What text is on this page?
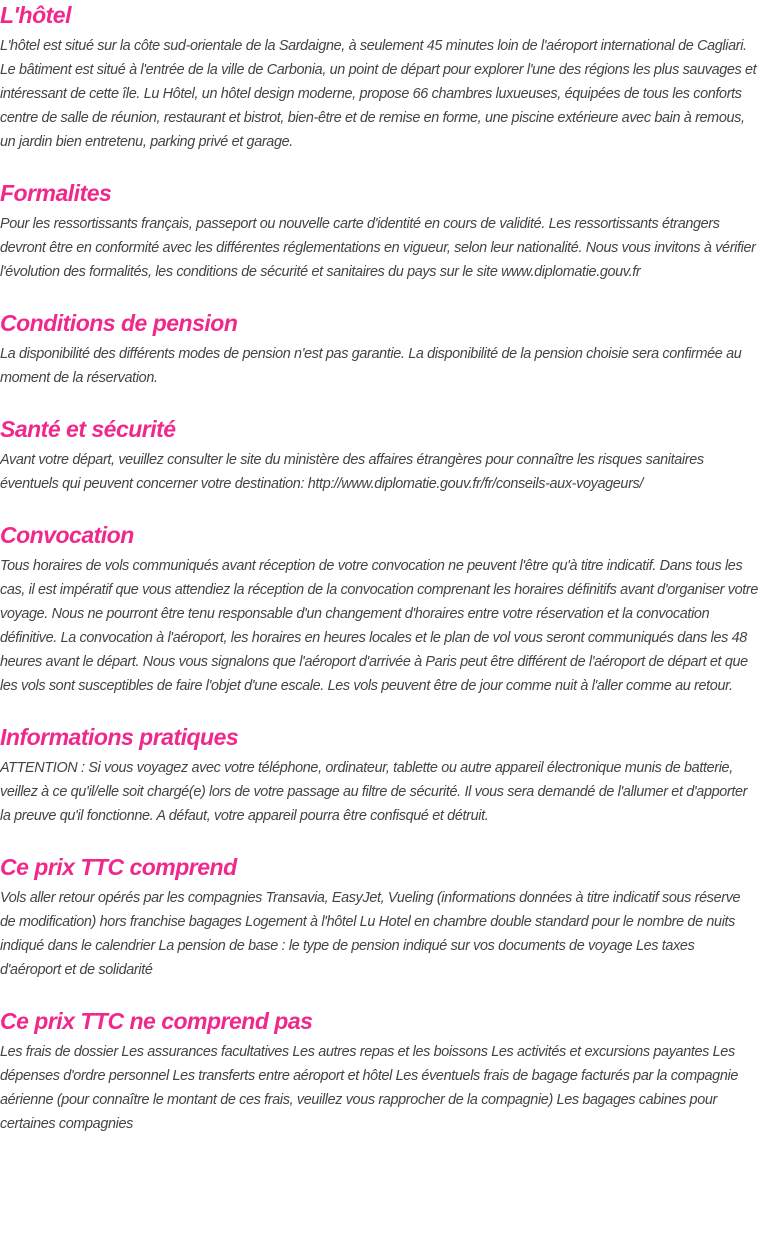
L'hôtel

L'hôtel est situé sur la côte sud-orientale de la Sardaigne, à seulement 45 minutes loin de l'aéroport international de Cagliari. Le bâtiment est situé à l'entrée de la ville de Carbonia, un point de départ pour explorer l'une des régions les plus sauvages et intéressant de cette île. Lu Hôtel, un hôtel design moderne, propose 66 chambres luxueuses, équipées de tous les conforts centre de salle de réunion, restaurant et bistrot, bien-être et de remise en forme, une piscine extérieure avec bain à remous, un jardin bien entretenu, parking privé et garage.

Formalites

Pour les ressortissants français, passeport ou nouvelle carte d'identité en cours de validité. Les ressortissants étrangers devront être en conformité avec les différentes réglementations en vigueur, selon leur nationalité. Nous vous invitons à vérifier l'évolution des formalités, les conditions de sécurité et sanitaires du pays sur le site www.diplomatie.gouv.fr

Conditions de pension

La disponibilité des différents modes de pension n'est pas garantie. La disponibilité de la pension choisie sera confirmée au moment de la réservation.

Santé et sécurité

Avant votre départ, veuillez consulter le site du ministère des affaires étrangères pour connaître les risques sanitaires éventuels qui peuvent concerner votre destination: http://www.diplomatie.gouv.fr/fr/conseils-aux-voyageurs/

Convocation

Tous horaires de vols communiqués avant réception de votre convocation ne peuvent l'être qu'à titre indicatif. Dans tous les cas, il est impératif que vous attendiez la réception de la convocation comprenant les horaires définitifs avant d'organiser votre voyage. Nous ne pourront être tenu responsable d'un changement d'horaires entre votre réservation et la convocation définitive. La convocation à l'aéroport, les horaires en heures locales et le plan de vol vous seront communiqués dans les 48 heures avant le départ. Nous vous signalons que l'aéroport d'arrivée à Paris peut être différent de l'aéroport de départ et que les vols sont susceptibles de faire l'objet d'une escale. Les vols peuvent être de jour comme nuit à l'aller comme au retour.

Informations pratiques

ATTENTION : Si vous voyagez avec votre téléphone, ordinateur, tablette ou autre appareil électronique munis de batterie, veillez à ce qu'il/elle soit chargé(e) lors de votre passage au filtre de sécurité. Il vous sera demandé de l'allumer et d'apporter la preuve qu'il fonctionne. A défaut, votre appareil pourra être confisqué et détruit.

Ce prix TTC comprend

Vols aller retour opérés par les compagnies Transavia, EasyJet, Vueling (informations données à titre indicatif sous réserve de modification) hors franchise bagages Logement à l'hôtel Lu Hotel en chambre double standard pour le nombre de nuits indiqué dans le calendrier La pension de base : le type de pension indiqué sur vos documents de voyage Les taxes d'aéroport et de solidarité

Ce prix TTC ne comprend pas

Les frais de dossier Les assurances facultatives Les autres repas et les boissons Les activités et excursions payantes Les dépenses d'ordre personnel Les transferts entre aéroport et hôtel Les éventuels frais de bagage facturés par la compagnie aérienne (pour connaître le montant de ces frais, veuillez vous rapprocher de la compagnie) Les bagages cabines pour certaines compagnies
